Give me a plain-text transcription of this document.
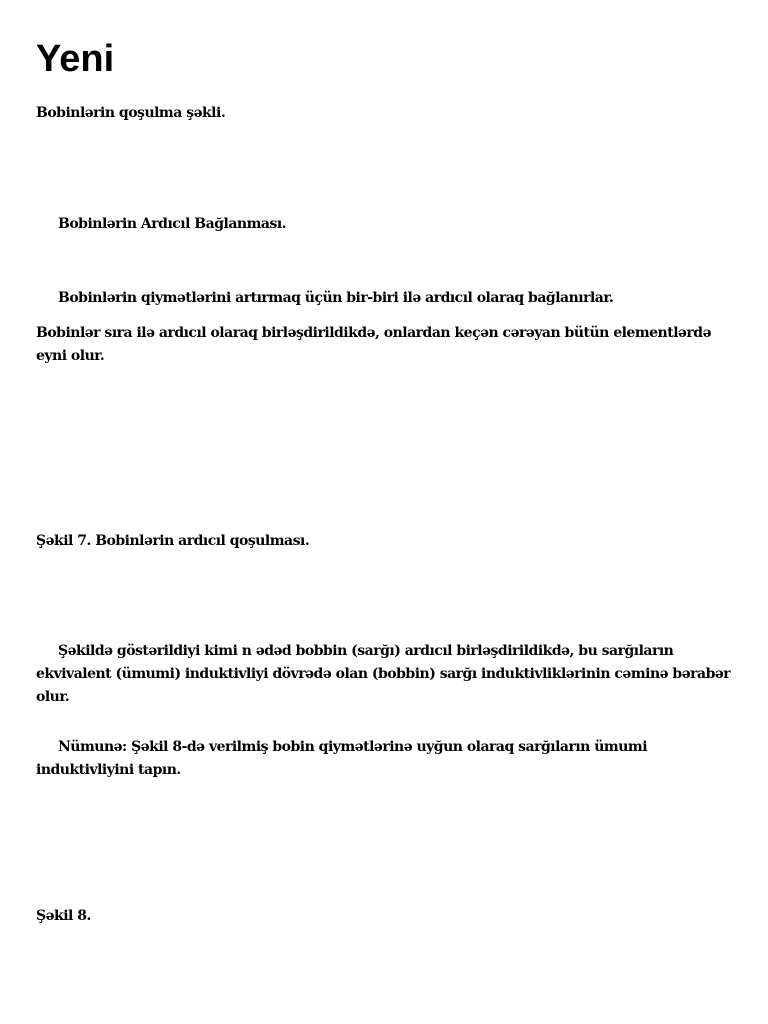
Yeni

Bobinlərin qoşulma şəkli.

Bobinlərin Ardıcıl Bağlanması.

Bobinlərin qiymətlərini artırmaq üçün bir-biri ilə ardıcıl olaraq bağlanırlar.

Bobinlər sıra ilə ardıcıl olaraq birləşdirildikdə, onlardan keçən cərəyan bütün elementlərdə eyni olur.

Şəkil 7. Bobinlərin ardıcıl qoşulması.

Şəkildə göstərildiyi kimi n ədəd bobbin (sarğı) ardıcıl birləşdirildikdə, bu sarğıların ekvivalent (ümumi) induktivliyi dövrədə olan (bobbin) sarğı induktivliklərinin cəminə bərabər olur.

Nümunə: Şəkil 8-də verilmiş bobin qiymətlərinə uyğun olaraq sarğıların ümumi induktivliyini tapın.

Şəkil 8.
